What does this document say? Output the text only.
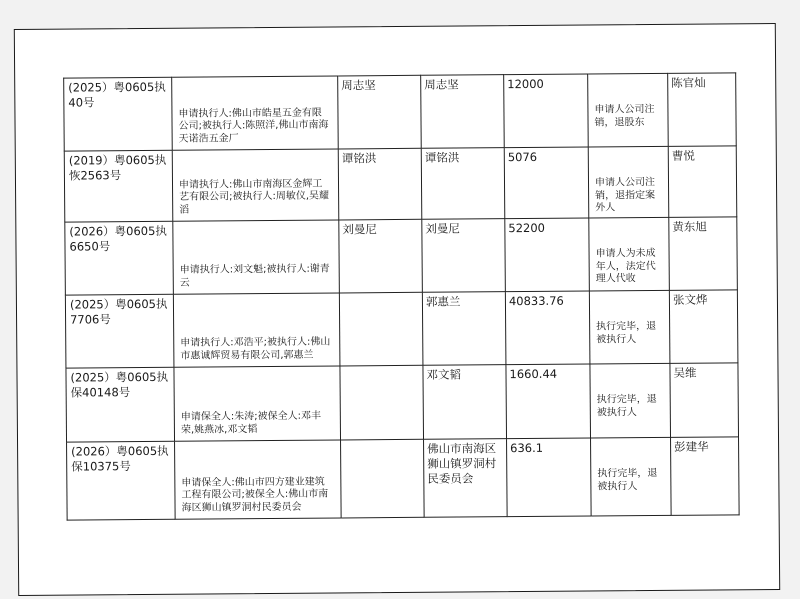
(2025）粤0605执40号	申请执行人:佛山市皓星五金有限公司;被执行人:陈照洋,佛山市南海天诺浩五金厂	周志坚	周志坚	12000	申请人公司注销，退股东	陈官灿

(2019）粤0605执恢2563号	申请执行人:佛山市南海区金辉工艺有限公司;被执行人:周敏仪,吴耀滔	谭铭洪	谭铭洪	5076	申请人公司注销，退指定案外人	曹悦

(2026）粤0605执6650号	申请执行人:刘文魁;被执行人:谢青云	刘曼尼	刘曼尼	52200	申请人为未成年人，法定代理人代收	黄东旭

(2025）粤0605执7706号	申请执行人:邓浩平;被执行人:佛山市惠诚辉贸易有限公司,郭惠兰		郭惠兰	40833.76	执行完毕，退被执行人	张文烨

(2025）粤0605执保40148号	申请保全人:朱涛;被保全人:邓丰荣,姚燕冰,邓文韬		邓文韬	1660.44	执行完毕，退被执行人	吴维

(2026）粤0605执保10375号	申请保全人:佛山市四方建业建筑工程有限公司;被保全人:佛山市南海区狮山镇罗洞村民委员会		佛山市南海区狮山镇罗洞村民委员会	636.1	执行完毕，退被执行人	彭建华
